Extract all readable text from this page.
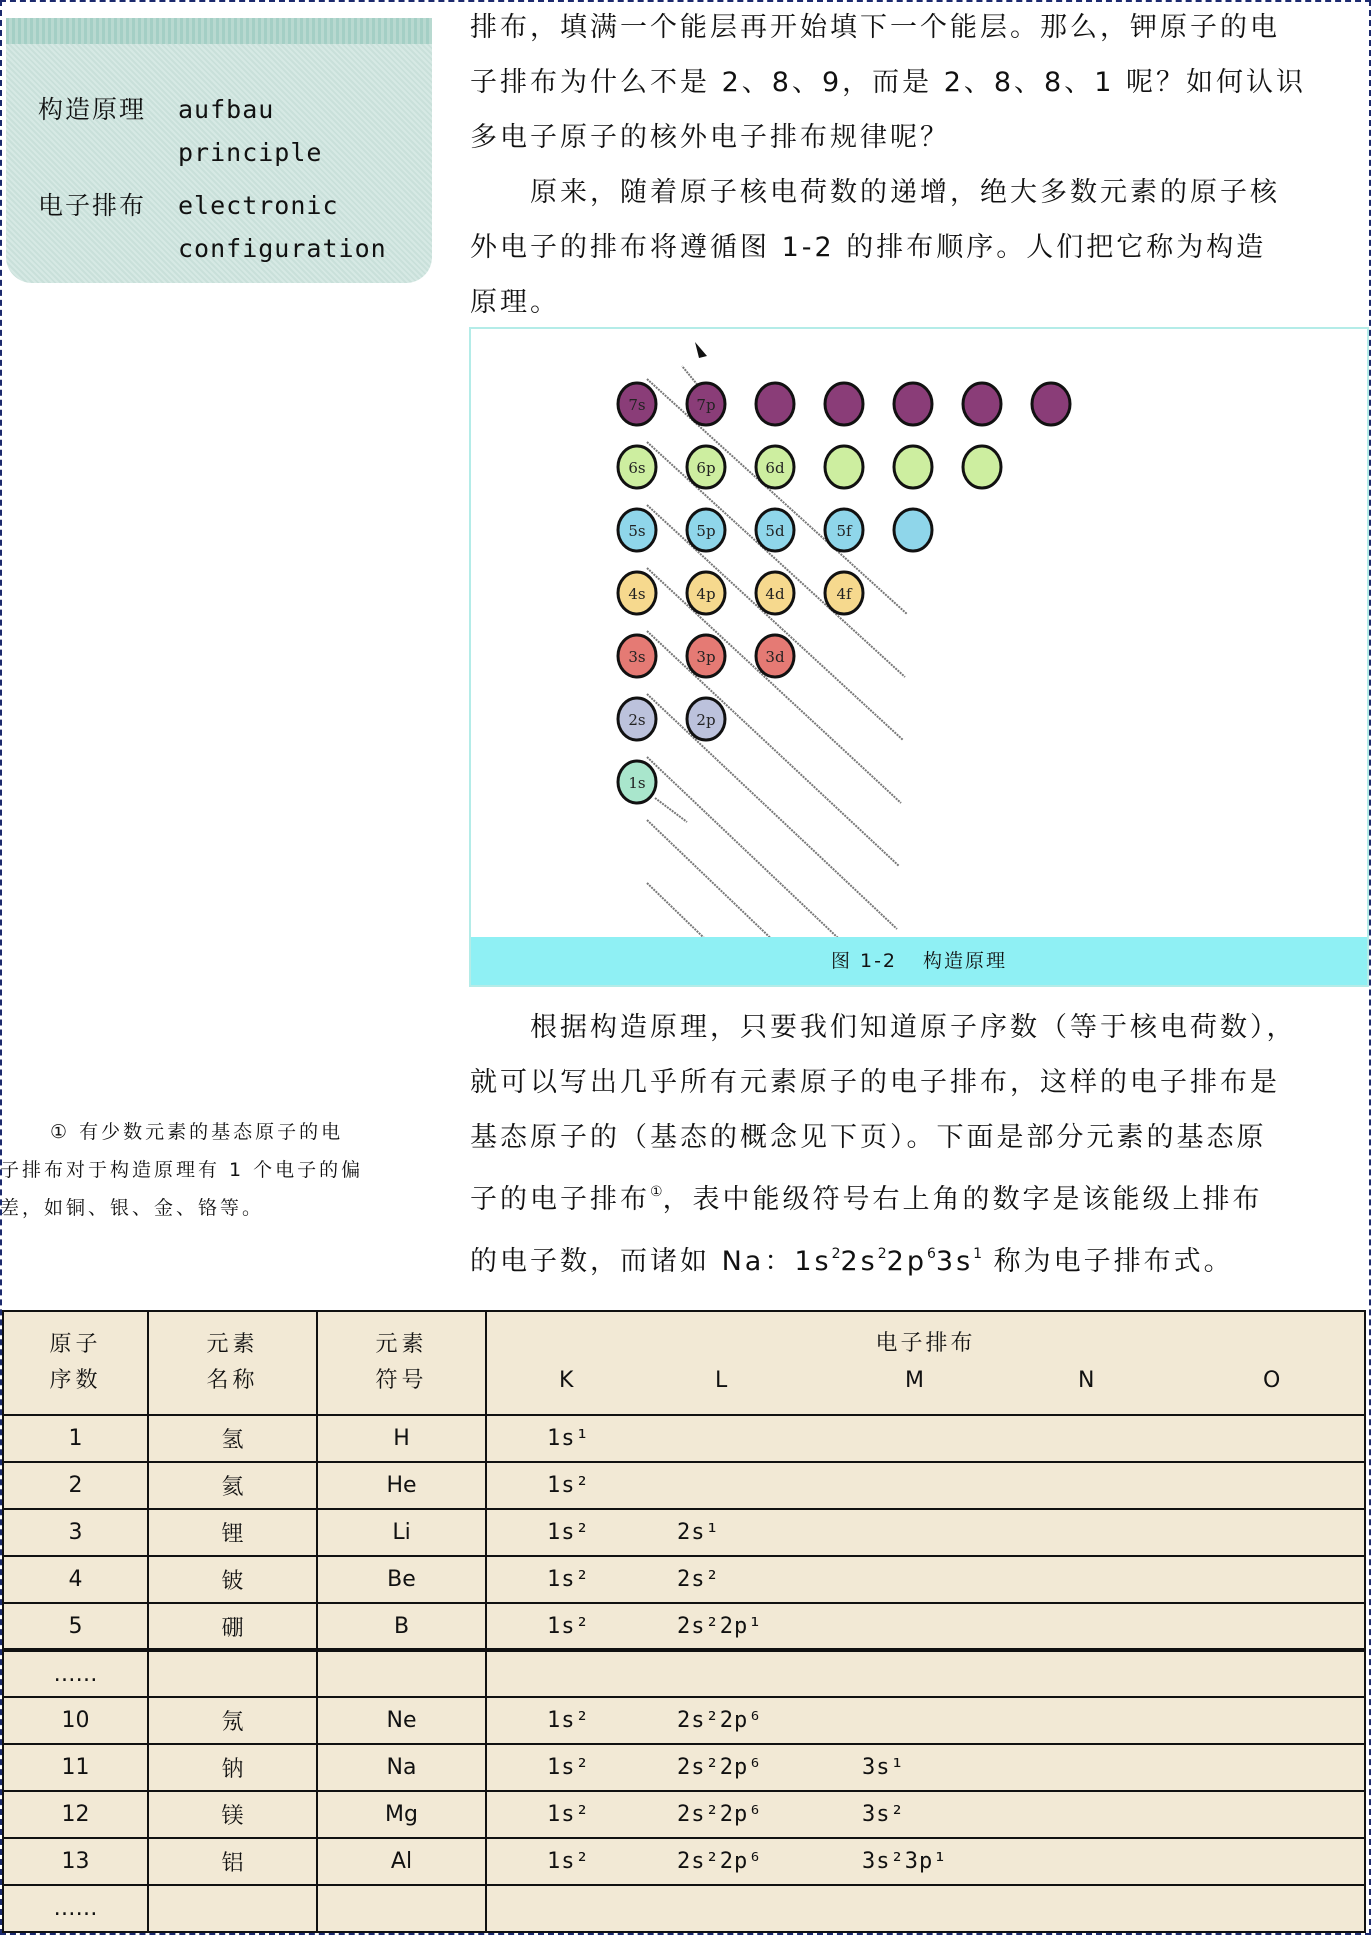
构造原理 aufbau
principle
电子排布 electronic
configuration
排布，填满一个能层再开始填下一个能层。那么，钾原子的电
子排布为什么不是 2、8、9，而是 2、8、8、1 呢？如何认识
多电子原子的核外电子排布规律呢？
原来，随着原子核电荷数的递增，绝大多数元素的原子核
外电子的排布将遵循图 1-2 的排布顺序。人们把它称为构造
原理。
7s	7p
6s	6p	6d
5s	5p	5d	5f
4s	4p	4d	4f
3s	3p	3d
2s	2p
1s
图 1-2 构造原理
根据构造原理，只要我们知道原子序数（等于核电荷数），
就可以写出几乎所有元素原子的电子排布，这样的电子排布是
基态原子的（基态的概念见下页）。下面是部分元素的基态原
子的电子排布①，表中能级符号右上角的数字是该能级上排布
的电子数，而诸如 Na：$1s^22s^22p^63s^1$ 称为电子排布式。
① 有少数元素的基态原子的电
子排布对于构造原理有 1 个电子的偏
差，如铜、银、金、铬等。
原子
序数	元素
名称	元素
符号	
电子排布
K	L	M	N	O

1	氢	H	1s¹

2	氦	He	1s²

3	锂	Li	1s² 2s¹

4	铍	Be	1s² 2s²

5	硼	B	1s² 2s²2p¹

……			

10	氖	Ne	1s² 2s²2p⁶

11	钠	Na	1s² 2s²2p⁶ 3s¹

12	镁	Mg	1s² 2s²2p⁶ 3s²

13	铝	Al	1s² 2s²2p⁶ 3s²3p¹

……			
